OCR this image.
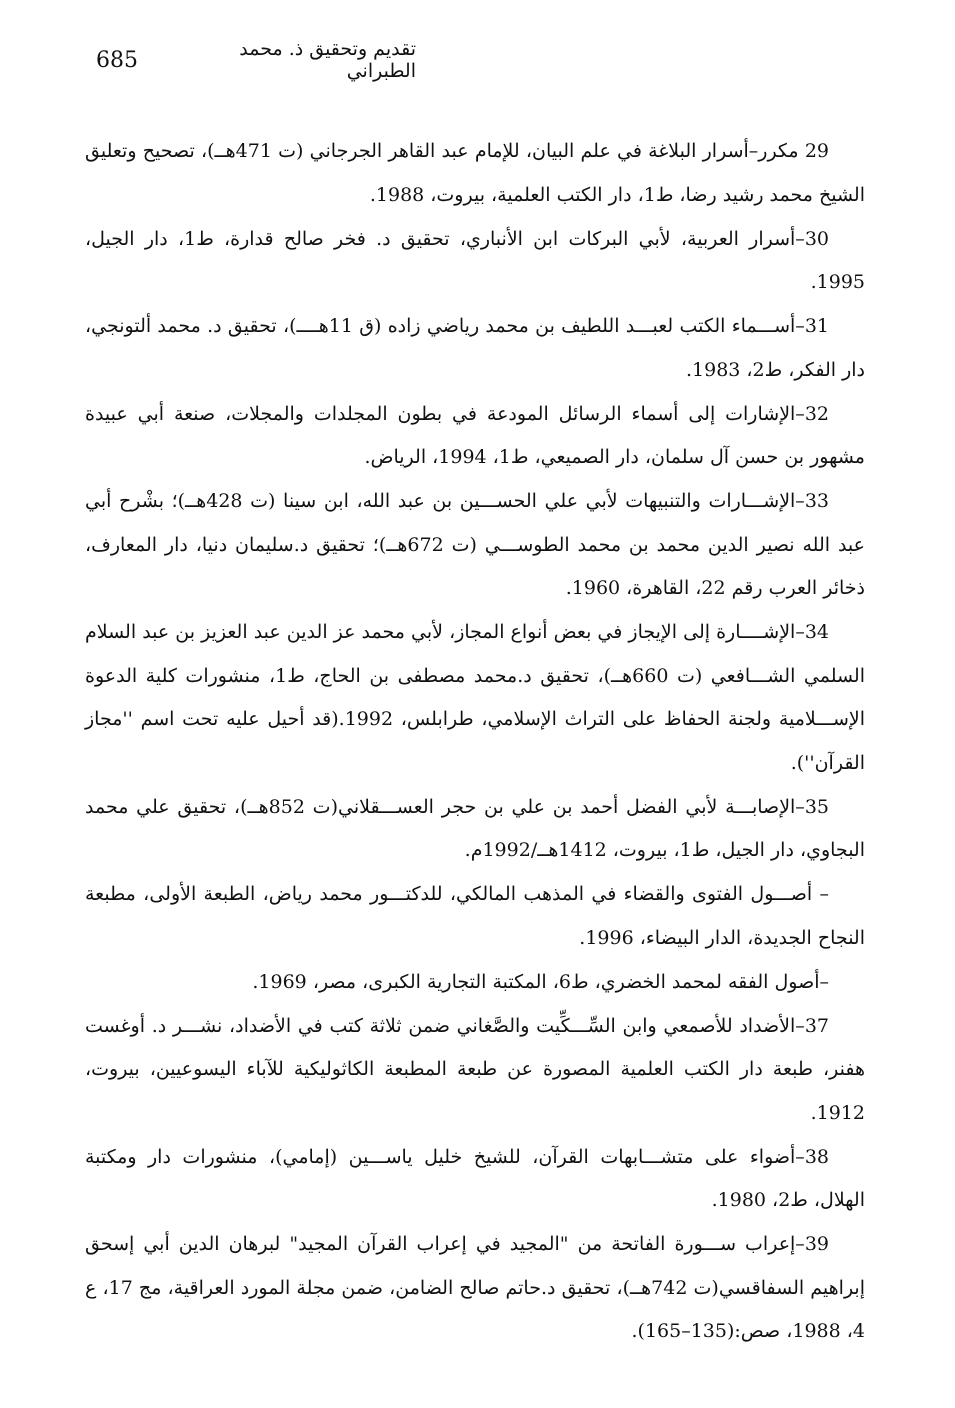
685	تقديم وتحقيق ذ. محمد الطبراني

29 مكرر–أسرار البلاغة في علم البيان، للإمام عبد القاهر الجرجاني (ت 471هــ)، تصحيح وتعليق الشيخ محمد رشيد رضا، ط1، دار الكتب العلمية، بيروت، 1988.

30–أسرار العربية، لأبي البركات ابن الأنباري، تحقيق د. فخر صالح قدارة، ط1، دار الجيل، 1995.

31–أســـماء الكتب لعبـــد اللطيف بن محمد رياضي زاده (ق 11هــــ)، تحقيق د. محمد ألتونجي، دار الفكر، ط2، 1983.

32–الإشارات إلى أسماء الرسائل المودعة في بطون المجلدات والمجلات، صنعة أبي عبيدة مشهور بن حسن آل سلمان، دار الصميعي، ط1، 1994، الرياض.

33–الإشـــارات والتنبيهات لأبي علي الحســـين بن عبد الله، ابن سينا (ت 428هــ)؛ بشْرح أبي عبد الله نصير الدين محمد بن محمد الطوســـي (ت 672هــ)؛ تحقيق د.سليمان دنيا، دار المعارف، ذخائر العرب رقم 22، القاهرة، 1960.

34–الإشــــارة إلى الإيجاز في بعض أنواع المجاز، لأبي محمد عز الدين عبد العزيز بن عبد السلام السلمي الشـــافعي (ت 660هــ)، تحقيق د.محمد مصطفى بن الحاج، ط1، منشورات كلية الدعوة الإســـلامية ولجنة الحفاظ على التراث الإسلامي، طرابلس، 1992.(قد أحيل عليه تحت اسم ''مجاز القرآن'').

35–الإصابـــة لأبي الفضل أحمد بن علي بن حجر العســـقلاني(ت 852هــ)، تحقيق علي محمد البجاوي، دار الجيل، ط1، بيروت، 1412هــ/1992م.

– أصـــول الفتوى والقضاء في المذهب المالكي، للدكتـــور محمد رياض، الطبعة الأولى، مطبعة النجاح الجديدة، الدار البيضاء، 1996.

–أصول الفقه لمحمد الخضري، ط6، المكتبة التجارية الكبرى، مصر، 1969.

37–الأضداد للأصمعي وابن السِّـــكِّيت والصَّغاني ضمن ثلاثة كتب في الأضداد، نشـــر د. أوغست هفنر، طبعة دار الكتب العلمية المصورة عن طبعة المطبعة الكاثوليكية للآباء اليسوعيين، بيروت، 1912.

38–أضواء على متشـــابهات القرآن، للشيخ خليل ياســـين (إمامي)، منشورات دار ومكتبة الهلال، ط2، 1980.

39–إعراب ســـورة الفاتحة من "المجيد في إعراب القرآن المجيد" لبرهان الدين أبي إسحق إبراهيم السفاقسي(ت 742هــ)، تحقيق د.حاتم صالح الضامن، ضمن مجلة المورد العراقية، مج 17، ع 4، 1988، صص:(135–165).
